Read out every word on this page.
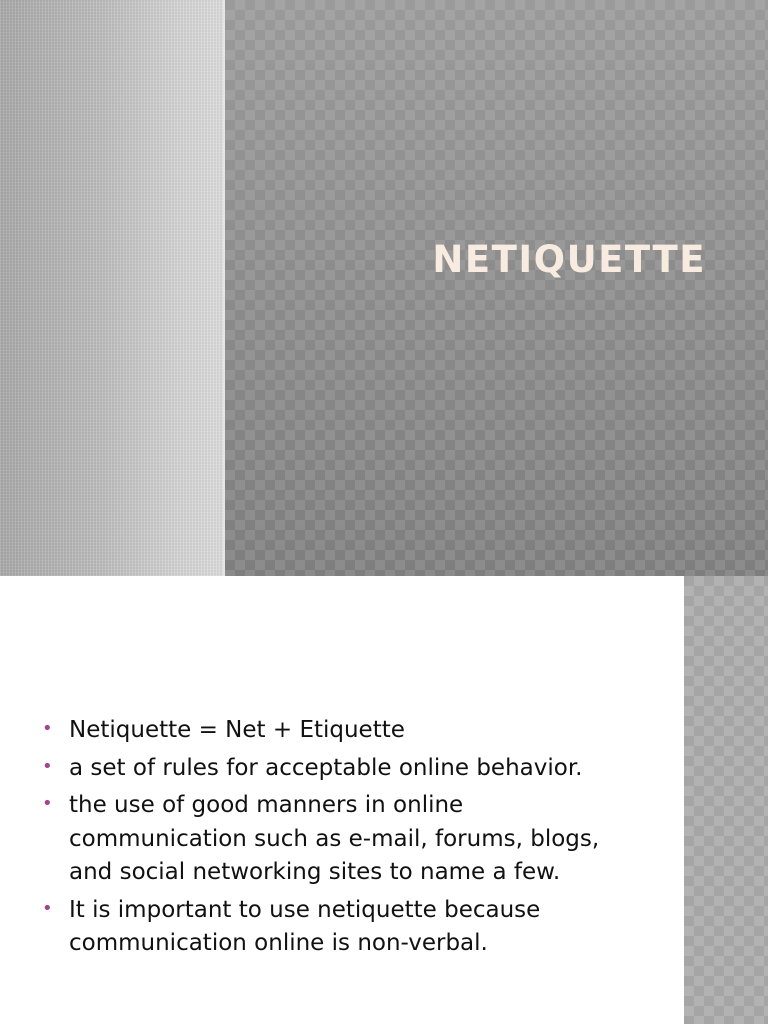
NETIQUETTE
• Netiquette = Net + Etiquette
• a set of rules for acceptable online behavior.
• the use of good manners in online communication such as e-mail, forums, blogs, and social networking sites to name a few.
• It is important to use netiquette because communication online is non-verbal.
